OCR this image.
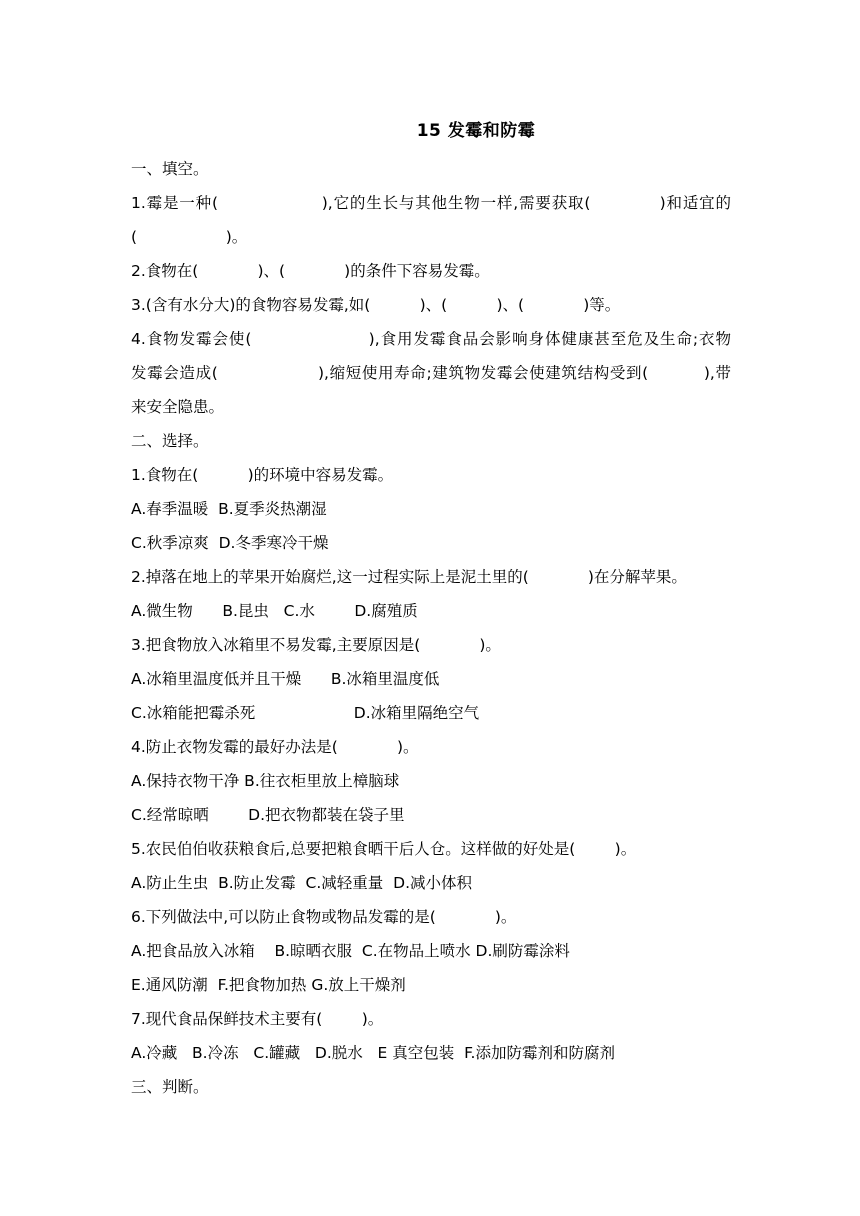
15 发霉和防霉
一、填空。
1.霉是一种(                  ),它的生长与其他生物一样,需要获取(            )和适宜的
(                  )。
2.食物在(            )、(            )的条件下容易发霉。
3.(含有水分大)的食物容易发霉,如(          )、(          )、(            )等。
4.食物发霉会使(                    ),食用发霉食品会影响身体健康甚至危及生命;衣物
发霉会造成(                  ),缩短使用寿命;建筑物发霉会使建筑结构受到(          ),带
来安全隐患。
二、选择。
1.食物在(          )的环境中容易发霉。
A.春季温暖  B.夏季炎热潮湿
C.秋季凉爽  D.冬季寒冷干燥
2.掉落在地上的苹果开始腐烂,这一过程实际上是泥土里的(            )在分解苹果。
A.微生物      B.昆虫   C.水        D.腐殖质
3.把食物放入冰箱里不易发霉,主要原因是(            )。
A.冰箱里温度低并且干燥      B.冰箱里温度低
C.冰箱能把霉杀死                    D.冰箱里隔绝空气
4.防止衣物发霉的最好办法是(            )。
A.保持衣物干净 B.往衣柜里放上樟脑球
C.经常晾晒        D.把衣物都装在袋子里
5.农民伯伯收获粮食后,总要把粮食晒干后人仓。这样做的好处是(        )。
A.防止生虫  B.防止发霉  C.减轻重量  D.减小体积
6.下列做法中,可以防止食物或物品发霉的是(            )。
A.把食品放入冰箱    B.晾晒衣服  C.在物品上喷水 D.刷防霉涂料
E.通风防潮  F.把食物加热 G.放上干燥剂
7.现代食品保鲜技术主要有(        )。
A.冷藏   B.冷冻   C.罐藏   D.脱水   E 真空包装  F.添加防霉剂和防腐剂
三、判断。
